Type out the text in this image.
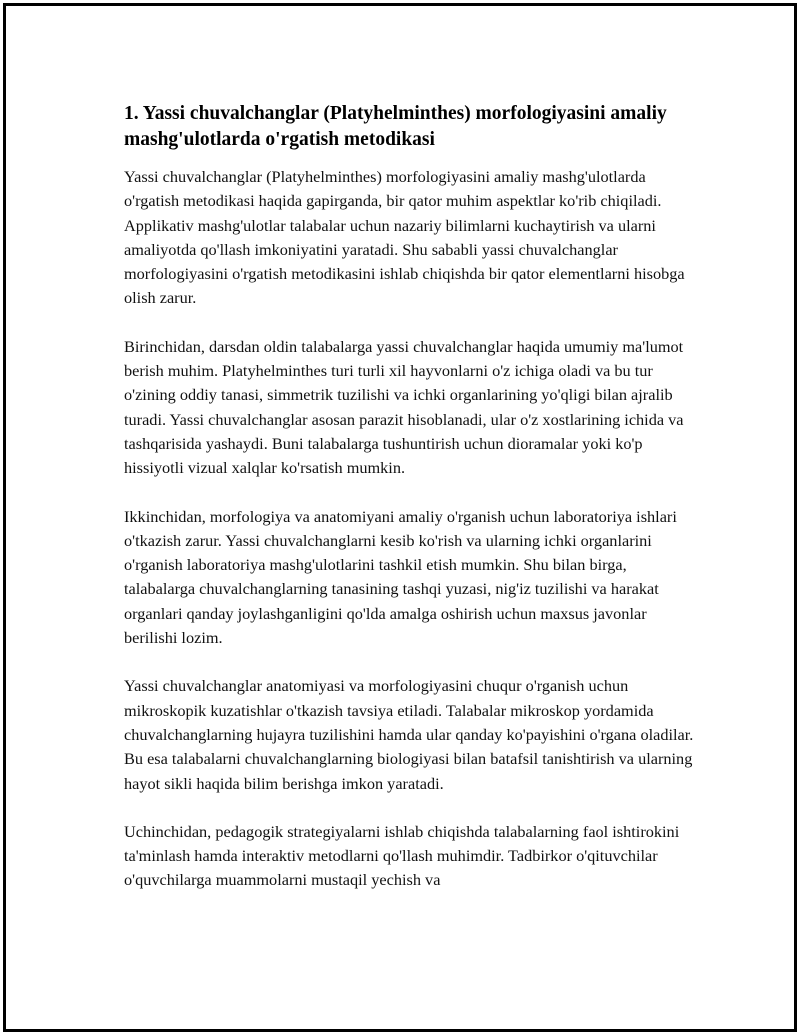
1. Yassi chuvalchanglar (Platyhelminthes) morfologiyasini amaliy mashg'ulotlarda o'rgatish metodikasi

Yassi chuvalchanglar (Platyhelminthes) morfologiyasini amaliy mashg'ulotlarda o'rgatish metodikasi haqida gapirganda, bir qator muhim aspektlar ko'rib chiqiladi. Applikativ mashg'ulotlar talabalar uchun nazariy bilimlarni kuchaytirish va ularni amaliyotda qo'llash imkoniyatini yaratadi. Shu sababli yassi chuvalchanglar morfologiyasini o'rgatish metodikasini ishlab chiqishda bir qator elementlarni hisobga olish zarur.

Birinchidan, darsdan oldin talabalarga yassi chuvalchanglar haqida umumiy ma'lumot berish muhim. Platyhelminthes turi turli xil hayvonlarni o'z ichiga oladi va bu tur o'zining oddiy tanasi, simmetrik tuzilishi va ichki organlarining yo'qligi bilan ajralib turadi. Yassi chuvalchanglar asosan parazit hisoblanadi, ular o'z xostlarining ichida va tashqarisida yashaydi. Buni talabalarga tushuntirish uchun dioramalar yoki ko'p hissiyotli vizual xalqlar ko'rsatish mumkin.

Ikkinchidan, morfologiya va anatomiyani amaliy o'rganish uchun laboratoriya ishlari o'tkazish zarur. Yassi chuvalchanglarni kesib ko'rish va ularning ichki organlarini o'rganish laboratoriya mashg'ulotlarini tashkil etish mumkin. Shu bilan birga, talabalarga chuvalchanglarning tanasining tashqi yuzasi, nig'iz tuzilishi va harakat organlari qanday joylashganligini qo'lda amalga oshirish uchun maxsus javonlar berilishi lozim.

Yassi chuvalchanglar anatomiyasi va morfologiyasini chuqur o'rganish uchun mikroskopik kuzatishlar o'tkazish tavsiya etiladi. Talabalar mikroskop yordamida chuvalchanglarning hujayra tuzilishini hamda ular qanday ko'payishini o'rgana oladilar. Bu esa talabalarni chuvalchanglarning biologiyasi bilan batafsil tanishtirish va ularning hayot sikli haqida bilim berishga imkon yaratadi.

Uchinchidan, pedagogik strategiyalarni ishlab chiqishda talabalarning faol ishtirokini ta'minlash hamda interaktiv metodlarni qo'llash muhimdir. Tadbirkor o'qituvchilar o'quvchilarga muammolarni mustaqil yechish va
